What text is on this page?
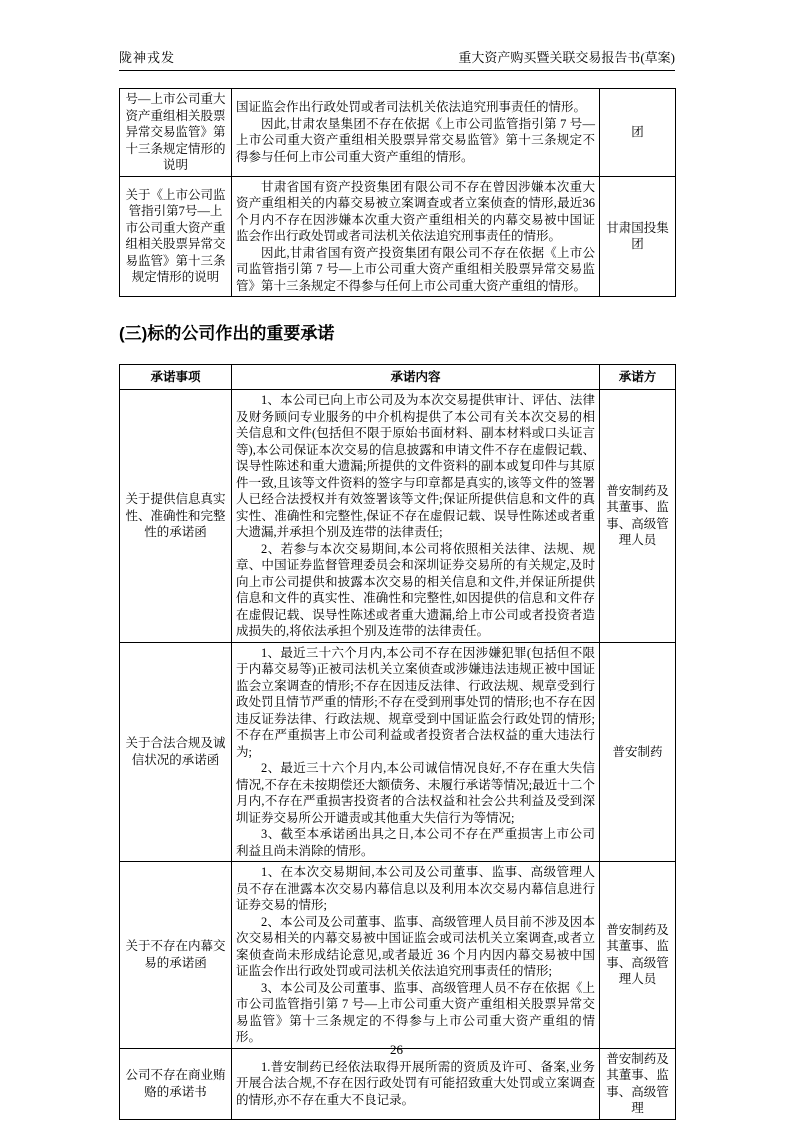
陇神戎发	重大资产购买暨关联交易报告书(草案)
号—上市公司重大资产重组相关股票异常交易监管》第十三条规定情形的说明	国证监会作出行政处罚或者司法机关依法追究刑事责任的情形。

因此,甘肃农垦集团不存在依据《上市公司监管指引第 7 号—上市公司重大资产重组相关股票异常交易监管》第十三条规定不得参与任何上市公司重大资产重组的情形。	团
关于《上市公司监管指引第7号—上市公司重大资产重组相关股票异常交易监管》第十三条规定情形的说明	甘肃省国有资产投资集团有限公司不存在曾因涉嫌本次重大资产重组相关的内幕交易被立案调查或者立案侦查的情形,最近36 个月内不存在因涉嫌本次重大资产重组相关的内幕交易被中国证监会作出行政处罚或者司法机关依法追究刑事责任的情形。

因此,甘肃省国有资产投资集团有限公司不存在依据《上市公司监管指引第 7 号—上市公司重大资产重组相关股票异常交易监管》第十三条规定不得参与任何上市公司重大资产重组的情形。	甘肃国投集团
(三)标的公司作出的重要承诺
承诺事项	承诺内容	承诺方
关于提供信息真实性、准确性和完整性的承诺函	1、本公司已向上市公司及为本次交易提供审计、评估、法律及财务顾问专业服务的中介机构提供了本公司有关本次交易的相关信息和文件(包括但不限于原始书面材料、副本材料或口头证言等),本公司保证本次交易的信息披露和申请文件不存在虚假记载、误导性陈述和重大遗漏;所提供的文件资料的副本或复印件与其原件一致,且该等文件资料的签字与印章都是真实的,该等文件的签署人已经合法授权并有效签署该等文件;保证所提供信息和文件的真实性、准确性和完整性,保证不存在虚假记载、误导性陈述或者重大遗漏,并承担个别及连带的法律责任;

2、若参与本次交易期间,本公司将依照相关法律、法规、规章、中国证券监督管理委员会和深圳证券交易所的有关规定,及时向上市公司提供和披露本次交易的相关信息和文件,并保证所提供信息和文件的真实性、准确性和完整性,如因提供的信息和文件存在虚假记载、误导性陈述或者重大遗漏,给上市公司或者投资者造成损失的,将依法承担个别及连带的法律责任。	普安制药及其董事、监事、高级管理人员
关于合法合规及诚信状况的承诺函	1、最近三十六个月内,本公司不存在因涉嫌犯罪(包括但不限于内幕交易等)正被司法机关立案侦查或涉嫌违法违规正被中国证监会立案调查的情形;不存在因违反法律、行政法规、规章受到行政处罚且情节严重的情形;不存在受到刑事处罚的情形;也不存在因违反证券法律、行政法规、规章受到中国证监会行政处罚的情形;不存在严重损害上市公司利益或者投资者合法权益的重大违法行为;

2、最近三十六个月内,本公司诚信情况良好,不存在重大失信情况,不存在未按期偿还大额债务、未履行承诺等情况;最近十二个月内,不存在严重损害投资者的合法权益和社会公共利益及受到深圳证券交易所公开谴责或其他重大失信行为等情况;

3、截至本承诺函出具之日,本公司不存在严重损害上市公司利益且尚未消除的情形。	普安制药
关于不存在内幕交易的承诺函	1、在本次交易期间,本公司及公司董事、监事、高级管理人员不存在泄露本次交易内幕信息以及利用本次交易内幕信息进行证券交易的情形;

2、本公司及公司董事、监事、高级管理人员目前不涉及因本次交易相关的内幕交易被中国证监会或司法机关立案调查,或者立案侦查尚未形成结论意见,或者最近 36 个月内因内幕交易被中国证监会作出行政处罚或司法机关依法追究刑事责任的情形;

3、本公司及公司董事、监事、高级管理人员不存在依据《上市公司监管指引第 7 号—上市公司重大资产重组相关股票异常交易监管》第十三条规定的不得参与上市公司重大资产重组的情形。	普安制药及其董事、监事、高级管理人员
公司不存在商业贿赂的承诺书	1.普安制药已经依法取得开展所需的资质及许可、备案,业务开展合法合规,不存在因行政处罚有可能招致重大处罚或立案调查的情形,亦不存在重大不良记录。	普安制药及其董事、监事、高级管理
26
